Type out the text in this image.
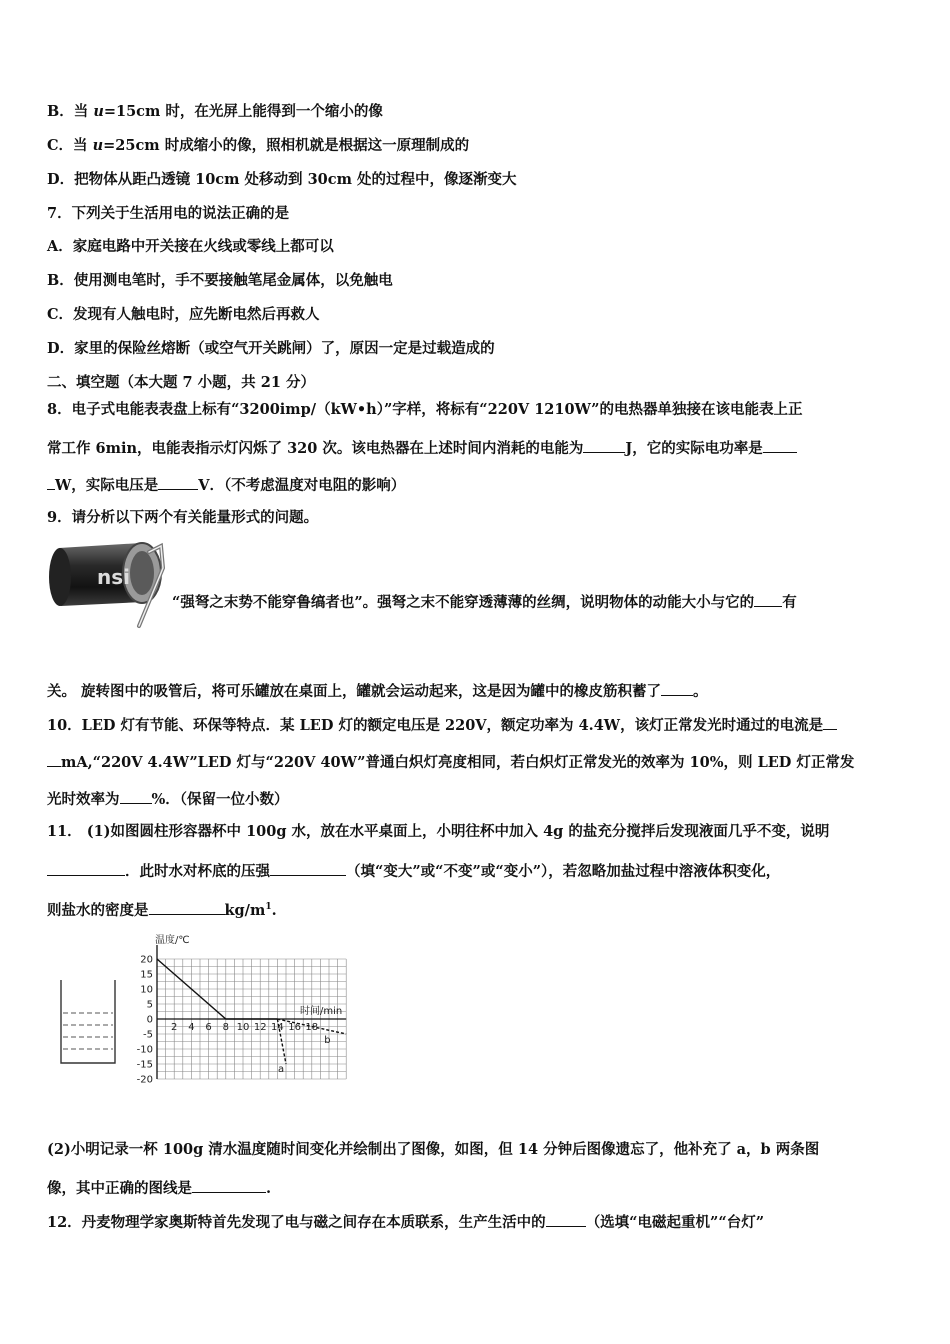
B．当 u=15cm 时，在光屏上能得到一个缩小的像
C．当 u=25cm 时成缩小的像，照相机就是根据这一原理制成的
D．把物体从距凸透镜 10cm 处移动到 30cm 处的过程中，像逐渐变大
7．下列关于生活用电的说法正确的是
A．家庭电路中开关接在火线或零线上都可以
B．使用测电笔时，手不要接触笔尾金属体，以免触电
C．发现有人触电时，应先断电然后再救人
D．家里的保险丝熔断（或空气开关跳闸）了，原因一定是过载造成的
二、填空题（本大题 7 小题，共 21 分）
8．电子式电能表表盘上标有“3200imp/（kW•h）”字样，将标有“220V 1210W”的电热器单独接在该电能表上正
常工作 6min，电能表指示灯闪烁了 320 次。该电热器在上述时间内消耗的电能为	J，它的实际电功率是
W，实际电压是	V．（不考虑温度对电阻的影响）
9．请分析以下两个有关能量形式的问题。
nsi
“强弩之末势不能穿鲁缟者也”。强弩之末不能穿透薄薄的丝绸，说明物体的动能大小与它的 有
关。 旋转图中的吸管后，将可乐罐放在桌面上，罐就会运动起来，这是因为罐中的橡皮筋积蓄了 。
10．LED 灯有节能、环保等特点．某 LED 灯的额定电压是 220V，额定功率为 4.4W，该灯正常发光时通过的电流是
mA,“220V 4.4W”LED 灯与“220V 40W”普通白炽灯亮度相同，若白炽灯正常发光的效率为 10%，则 LED 灯正常发
光时效率为 %．（保留一位小数）
11． (1)如图圆柱形容器杯中 100g 水，放在水平桌面上，小明往杯中加入 4g 的盐充分搅拌后发现液面几乎不变，说明
．此时水对杯底的压强	（填“变大”或“不变”或“变小”），若忽略加盐过程中溶液体积变化，
则盐水的密度是	$kg/m^1$.
20
15
10
5
0
-5
-10
-15
-20
2 4 6 8 10 12 14 16 18
温度/℃
时间/min
a
b
(2)小明记录一杯 100g 清水温度随时间变化并绘制出了图像，如图，但 14 分钟后图像遗忘了，他补充了 a，b 两条图
像，其中正确的图线是	.
12．丹麦物理学家奥斯特首先发现了电与磁之间存在本质联系，生产生活中的	（选填“电磁起重机”“台灯”
